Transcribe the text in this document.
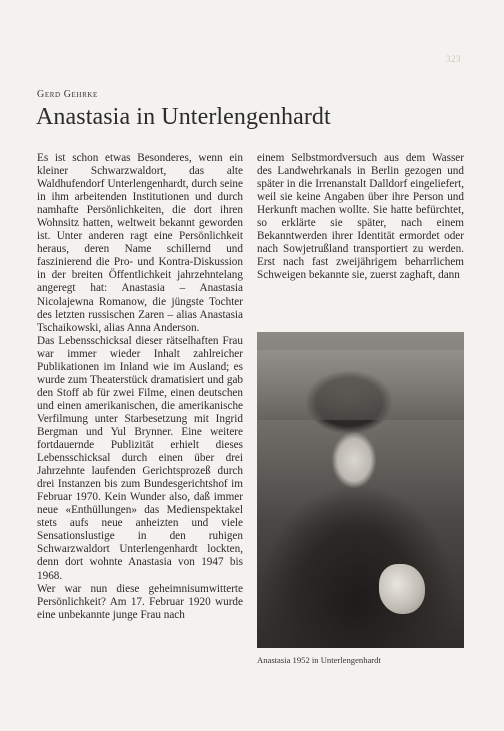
323
Gerd Gehrke
Anastasia in Unterlengenhardt

Es ist schon etwas Besonderes, wenn ein kleiner Schwarzwaldort, das alte Waldhufendorf Unterlengenhardt, durch seine in ihm arbeitenden Institutionen und durch namhafte Persönlichkeiten, die dort ihren Wohnsitz hatten, weltweit bekannt geworden ist. Unter anderen ragt eine Persönlichkeit heraus, deren Name schillernd und faszinierend die Pro- und Kontra-Diskussion in der breiten Öffentlichkeit jahrzehntelang angeregt hat: Anastasia – Anastasia Nicolajewna Romanow, die jüngste Tochter des letzten russischen Zaren – alias Anastasia Tschaikowski, alias Anna Anderson.

Das Lebensschicksal dieser rätselhaften Frau war immer wieder Inhalt zahlreicher Publikationen im Inland wie im Ausland; es wurde zum Theaterstück dramatisiert und gab den Stoff ab für zwei Filme, einen deutschen und einen amerikanischen, die amerikanische Verfilmung unter Starbesetzung mit Ingrid Bergman und Yul Brynner. Eine weitere fortdauernde Publizität erhielt dieses Lebensschicksal durch einen über drei Jahrzehnte laufenden Gerichtsprozeß durch drei Instanzen bis zum Bundesgerichtshof im Februar 1970. Kein Wunder also, daß immer neue «Enthüllungen» das Medienspektakel stets aufs neue anheizten und viele Sensationslustige in den ruhigen Schwarzwaldort Unterlengenhardt lockten, denn dort wohnte Anastasia von 1947 bis 1968.

Wer war nun diese geheimnisumwitterte Persönlichkeit? Am 17. Februar 1920 wurde eine unbekannte junge Frau nach

einem Selbstmordversuch aus dem Wasser des Landwehrkanals in Berlin gezogen und später in die Irrenanstalt Dalldorf eingeliefert, weil sie keine Angaben über ihre Person und Herkunft machen wollte. Sie hatte befürchtet, so erklärte sie später, nach einem Bekanntwerden ihrer Identität ermordet oder nach Sowjetrußland transportiert zu werden. Erst nach fast zweijährigem beharrlichem Schweigen bekannte sie, zuerst zaghaft, dann

Anastasia 1952 in Unterlengenhardt
